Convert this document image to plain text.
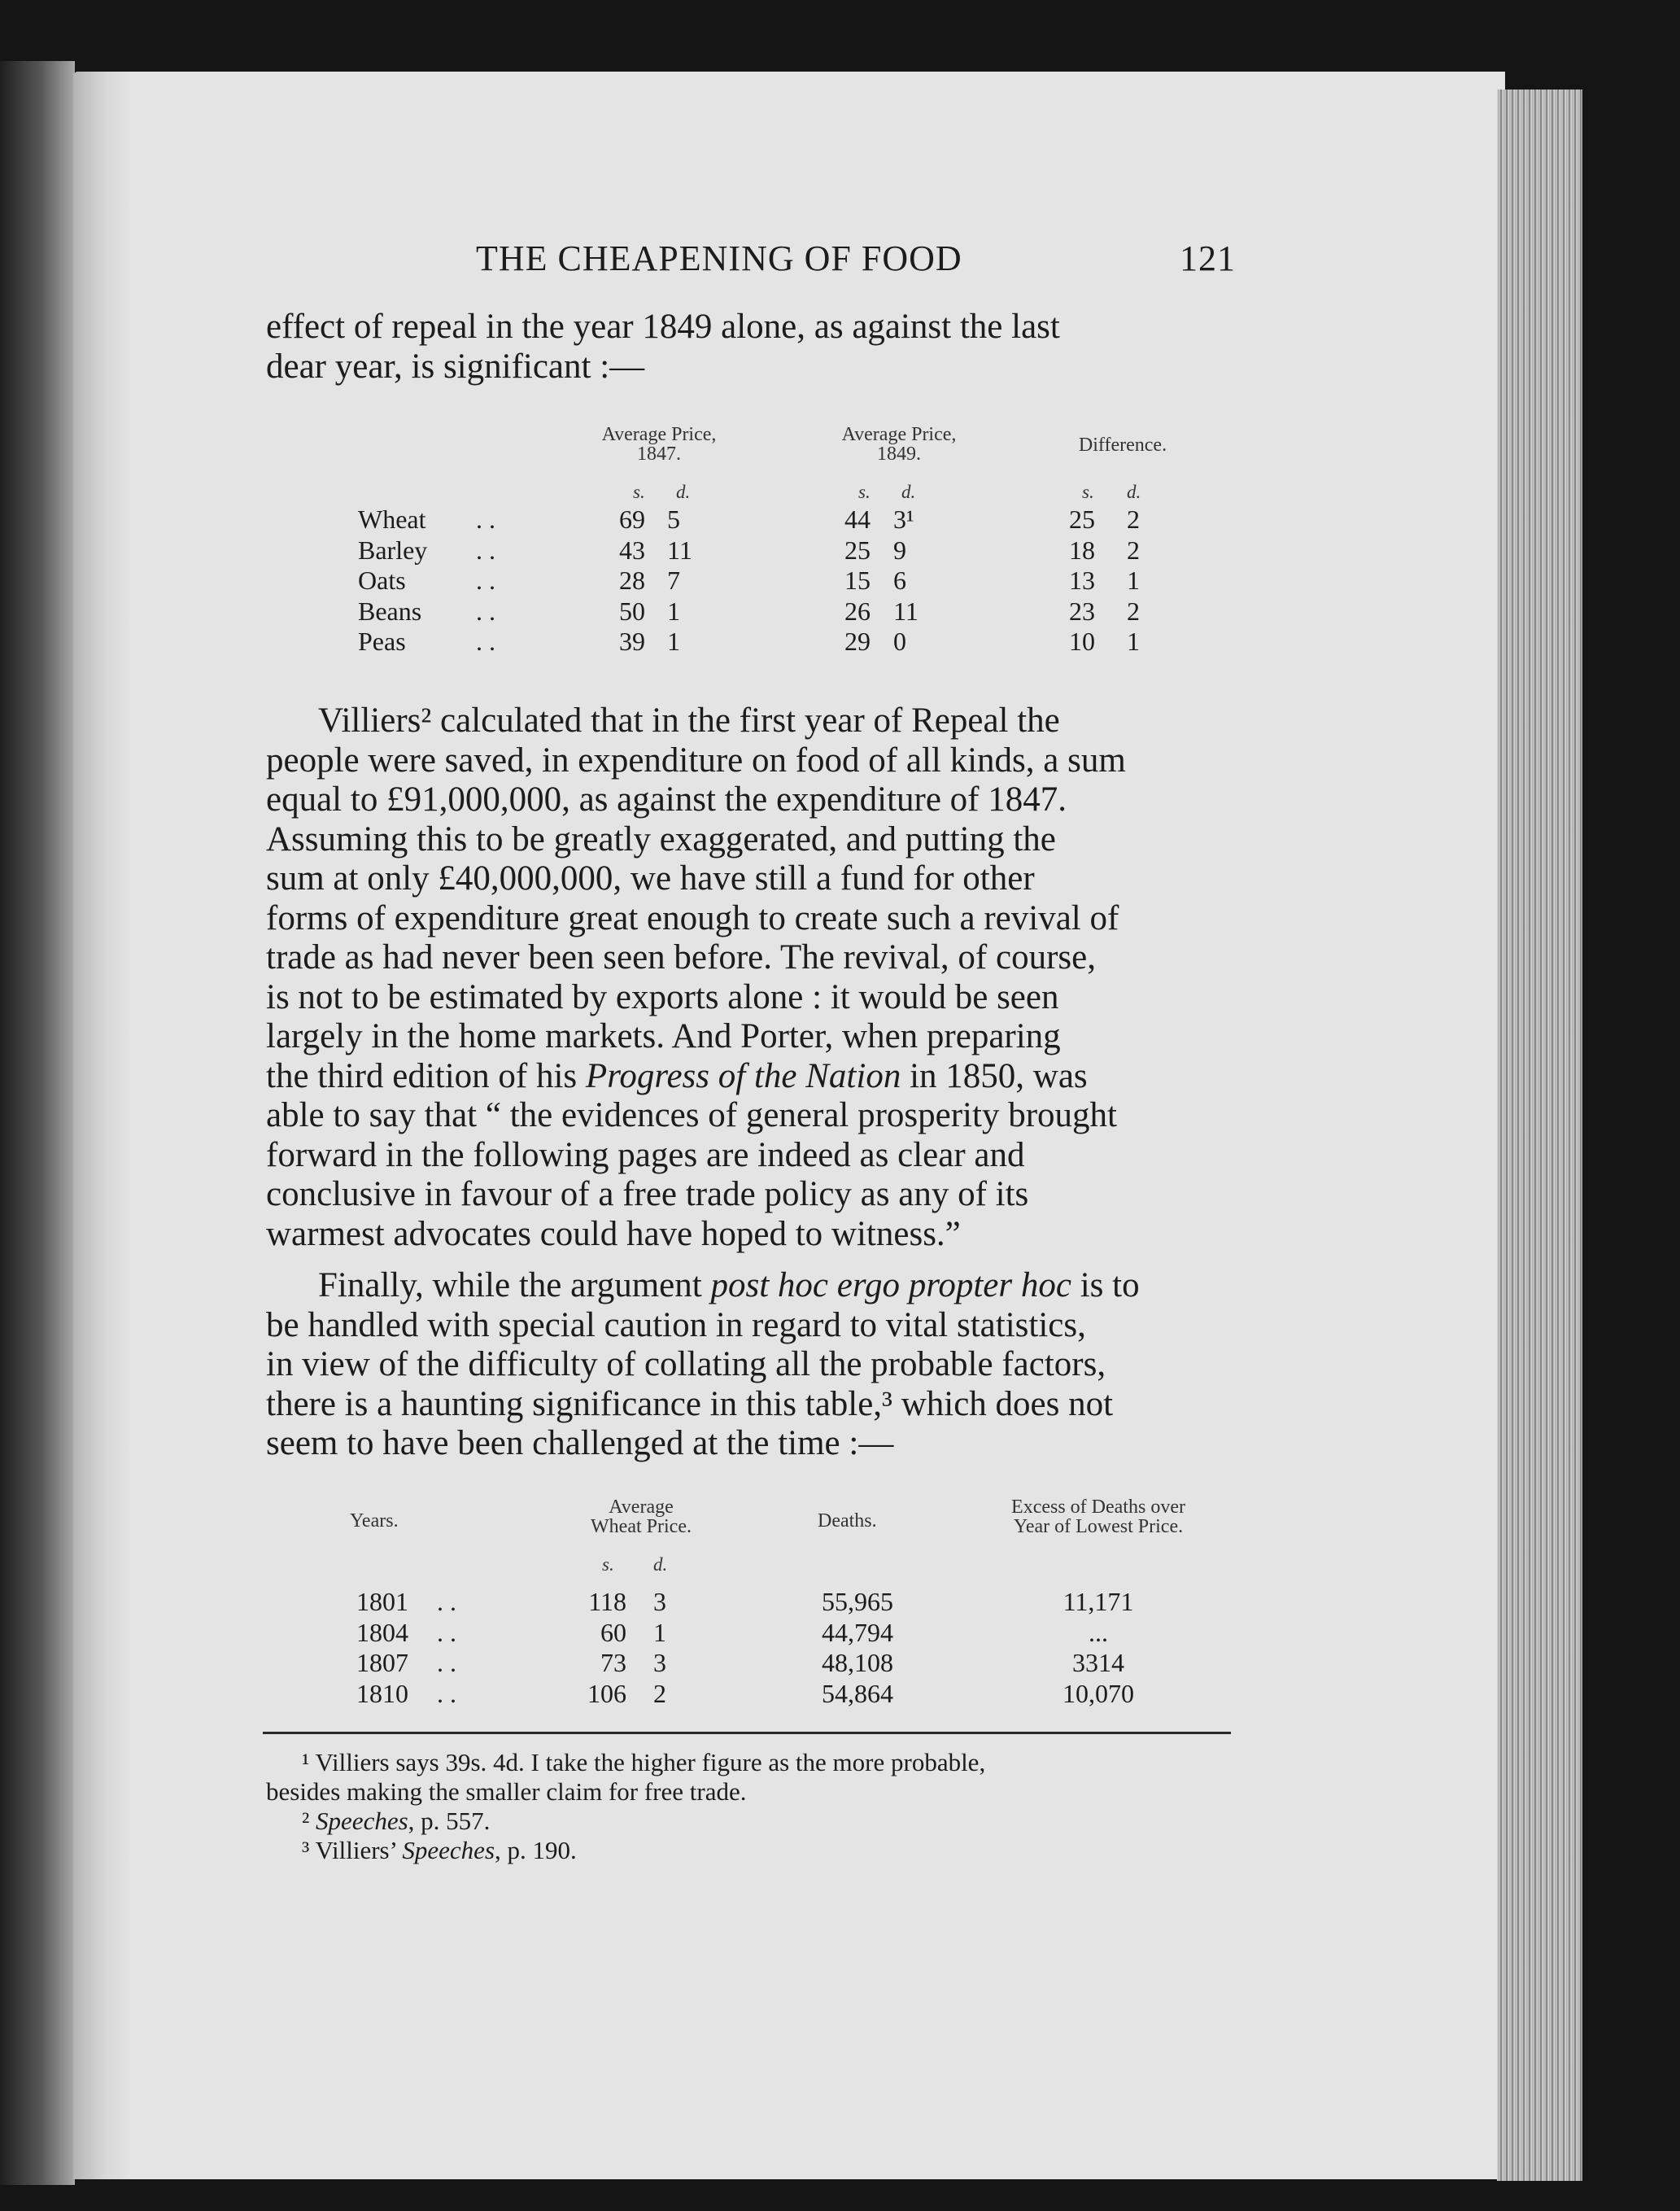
THE CHEAPENING OF FOOD	121

effect of repeal in the year 1849 alone, as against the last

dear year, is significant :—

Average Price,
1847.
Average Price,
1849.	Difference.
s. d.	s. d.	s. d.
Wheat . .	69 5	44 3¹	25 2
Barley . .	43 11	25 9	18 2
Oats	. .	28 7	15 6	13 1
Beans . .	50 1	26 11	23 2
Peas	. .	39 1	29 0	10 1

Villiers² calculated that in the first year of Repeal the

people were saved, in expenditure on food of all kinds, a sum

equal to £91,000,000, as against the expenditure of 1847.

Assuming this to be greatly exaggerated, and putting the

sum at only £40,000,000, we have still a fund for other

forms of expenditure great enough to create such a revival of

trade as had never been seen before. The revival, of course,

is not to be estimated by exports alone : it would be seen

largely in the home markets. And Porter, when preparing

the third edition of his Progress of the Nation in 1850, was

able to say that “ the evidences of general prosperity brought

forward in the following pages are indeed as clear and

conclusive in favour of a free trade policy as any of its

warmest advocates could have hoped to witness.”

Finally, while the argument post hoc ergo propter hoc is to

be handled with special caution in regard to vital statistics,

in view of the difficulty of collating all the probable factors,

there is a haunting significance in this table,³ which does not

seem to have been challenged at the time :—

Years.
Average
Wheat Price.	Deaths.
Excess of Deaths over
Year of Lowest Price.
s. d.
1801 . .	118 3	55,965	11,171
1804 . .	60 1	44,794	...
1807 . .	73 3	48,108	3314
1810 . .	106 2	54,864	10,070
¹ Villiers says 39s. 4d. I take the higher figure as the more probable,
besides making the smaller claim for free trade.
² Speeches, p. 557.
³ Villiers’ Speeches, p. 190.
